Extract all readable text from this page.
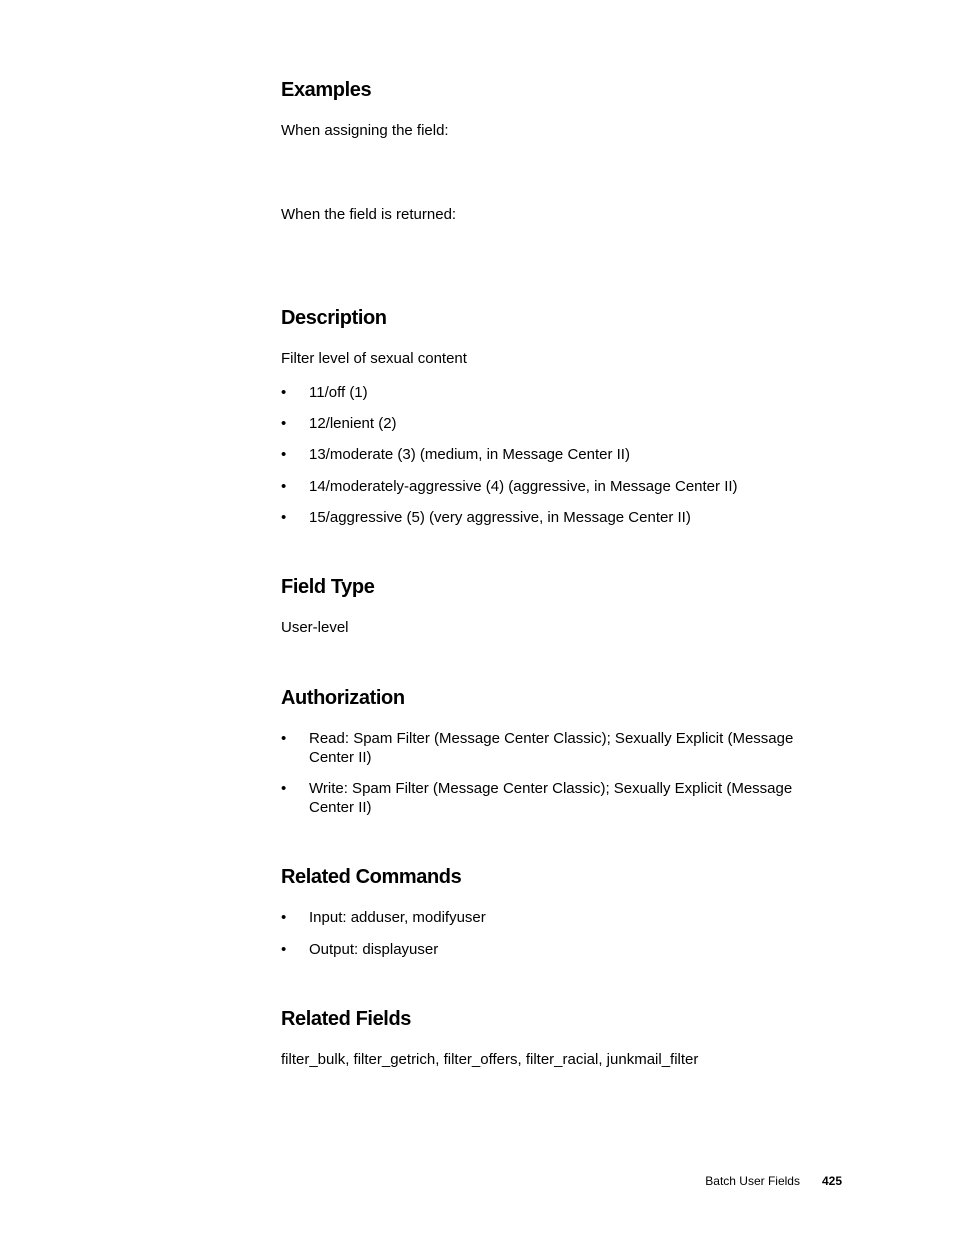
Examples

When assigning the field:

When the field is returned:

Description

Filter level of sexual content

•	11/off (1)
•	12/lenient (2)
•	13/moderate (3) (medium, in Message Center II)
•	14/moderately-aggressive (4) (aggressive, in Message Center II)
•	15/aggressive (5) (very aggressive, in Message Center II)
Field Type

User-level

Authorization
•	Read: Spam Filter (Message Center Classic); Sexually Explicit (Message Center II)
•	Write: Spam Filter (Message Center Classic); Sexually Explicit (Message Center II)
Related Commands
•	Input: adduser, modifyuser
•	Output: displayuser
Related Fields

filter_bulk, filter_getrich, filter_offers, filter_racial, junkmail_filter

Batch User Fields 425
